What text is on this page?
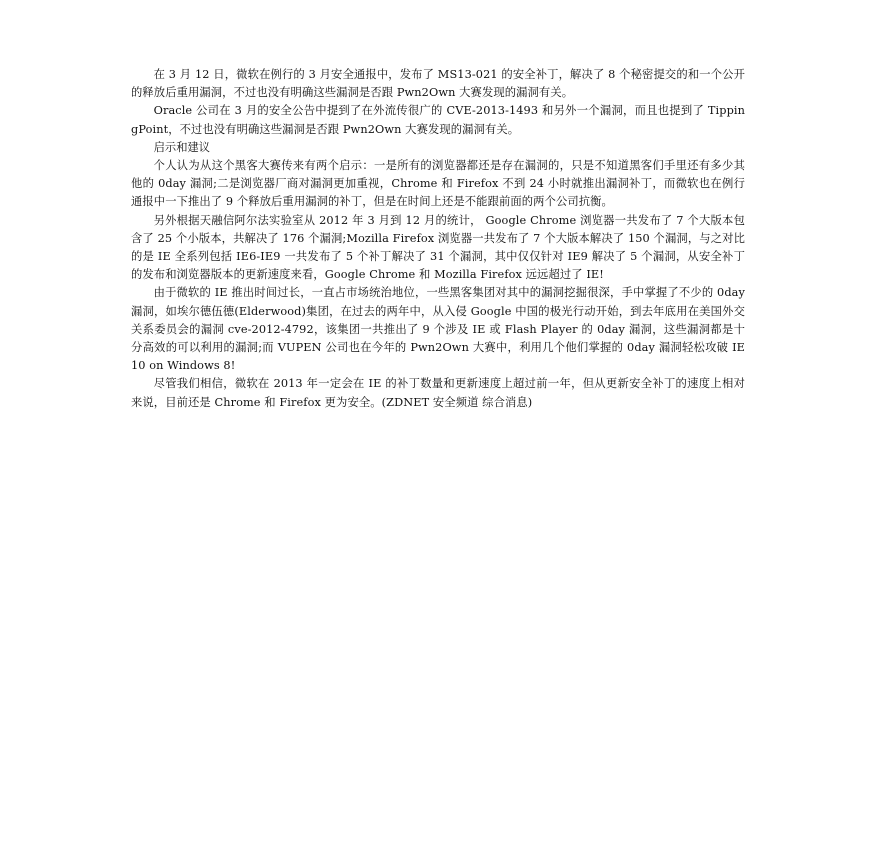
在 3 月 12 日，微软在例行的 3 月安全通报中，发布了 MS13-021 的安全补丁，解决了 8 个秘密提交的和一个公开的释放后重用漏洞，不过也没有明确这些漏洞是否跟 Pwn2Own 大赛发现的漏洞有关。

Oracle 公司在 3 月的安全公告中提到了在外流传很广的 CVE-2013-1493 和另外一个漏洞，而且也提到了 TippingPoint，不过也没有明确这些漏洞是否跟 Pwn2Own 大赛发现的漏洞有关。

启示和建议

个人认为从这个黑客大赛传来有两个启示：一是所有的浏览器都还是存在漏洞的，只是不知道黑客们手里还有多少其他的 0day 漏洞;二是浏览器厂商对漏洞更加重视，Chrome 和 Firefox 不到 24 小时就推出漏洞补丁，而微软也在例行通报中一下推出了 9 个释放后重用漏洞的补丁，但是在时间上还是不能跟前面的两个公司抗衡。

另外根据天融信阿尔法实验室从 2012 年 3 月到 12 月的统计， Google Chrome 浏览器一共发布了 7 个大版本包含了 25 个小版本，共解决了 176 个漏洞;Mozilla Firefox 浏览器一共发布了 7 个大版本解决了 150 个漏洞，与之对比的是 IE 全系列包括 IE6-IE9 一共发布了 5 个补丁解决了 31 个漏洞，其中仅仅针对 IE9 解决了 5 个漏洞，从安全补丁的发布和浏览器版本的更新速度来看，Google Chrome 和 Mozilla Firefox 远远超过了 IE!

由于微软的 IE 推出时间过长，一直占市场统治地位，一些黑客集团对其中的漏洞挖掘很深，手中掌握了不少的 0day 漏洞，如埃尔德伍德(Elderwood)集团，在过去的两年中，从入侵 Google 中国的极光行动开始，到去年底用在美国外交关系委员会的漏洞 cve-2012-4792，该集团一共推出了 9 个涉及 IE 或 Flash Player 的 0day 漏洞，这些漏洞都是十分高效的可以利用的漏洞;而 VUPEN 公司也在今年的 Pwn2Own 大赛中，利用几个他们掌握的 0day 漏洞轻松攻破 IE 10 on Windows 8!

尽管我们相信，微软在 2013 年一定会在 IE 的补丁数量和更新速度上超过前一年，但从更新安全补丁的速度上相对来说，目前还是 Chrome 和 Firefox 更为安全。(ZDNET 安全频道 综合消息)
